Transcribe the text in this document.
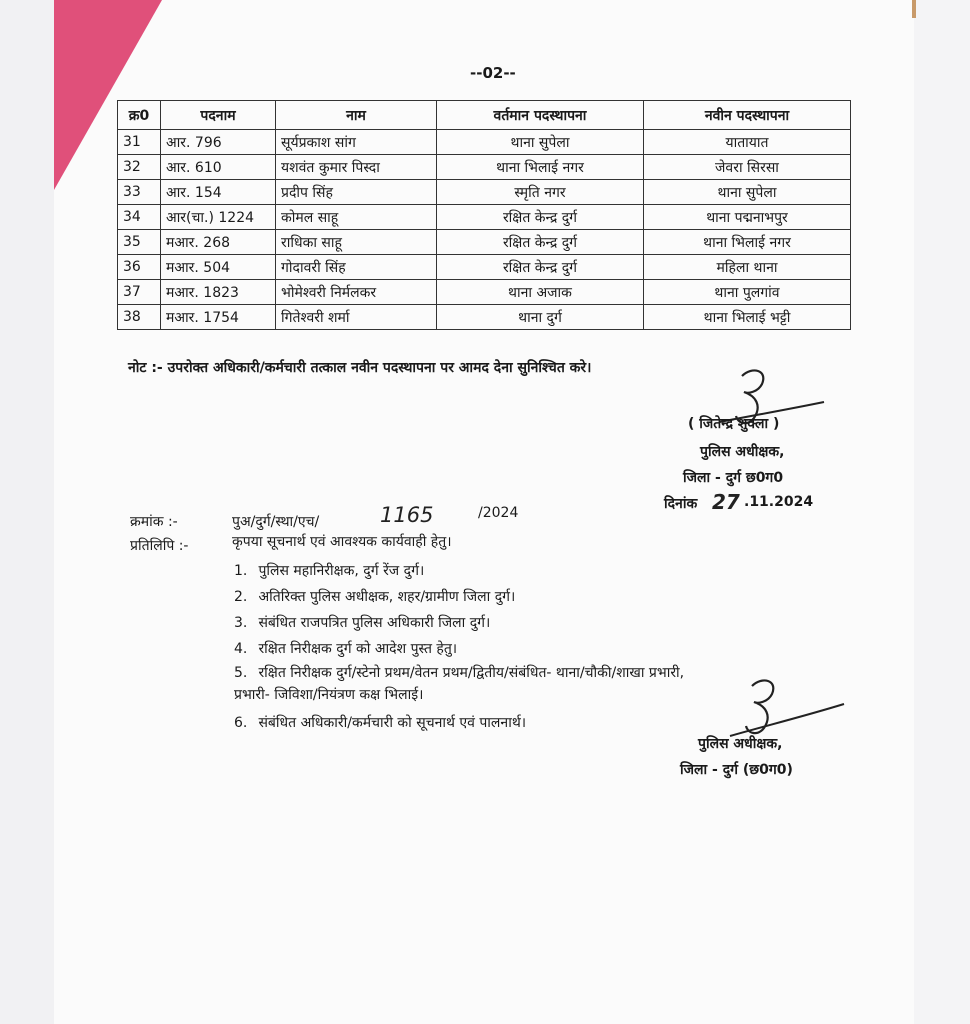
--02--
क्र0	पदनाम	नाम	वर्तमान पदस्थापना	नवीन पदस्थापना
31	आर. 796	सूर्यप्रकाश सांग	थाना सुपेला	यातायात
32	आर. 610	यशवंत कुमार पिस्दा	थाना भिलाई नगर	जेवरा सिरसा
33	आर. 154	प्रदीप सिंह	स्मृति नगर	थाना सुपेला
34	आर(चा.) 1224	कोमल साहू	रक्षित केन्द्र दुर्ग	थाना पद्मनाभपुर
35	मआर. 268	राधिका साहू	रक्षित केन्द्र दुर्ग	थाना भिलाई नगर
36	मआर. 504	गोदावरी सिंह	रक्षित केन्द्र दुर्ग	महिला थाना
37	मआर. 1823	भोमेश्वरी निर्मलकर	थाना अजाक	थाना पुलगांव
38	मआर. 1754	गितेश्वरी शर्मा	थाना दुर्ग	थाना भिलाई भट्टी
नोट :- उपरोक्त अधिकारी/कर्मचारी तत्काल नवीन पदस्थापना पर आमद देना सुनिश्चित करे।
( जितेन्द्र शुक्ला )
पुलिस अधीक्षक,
जिला - दुर्ग छ0ग0
दिनांक 27 .11.2024
क्रमांक :-	पुअ/दुर्ग/स्था/एच/	1165	/2024
प्रतिलिपि :-	कृपया सूचनार्थ एवं आवश्यक कार्यवाही हेतु।
1. पुलिस महानिरीक्षक, दुर्ग रेंज दुर्ग।
2. अतिरिक्त पुलिस अधीक्षक, शहर/ग्रामीण जिला दुर्ग।
3. संबंधित राजपत्रित पुलिस अधिकारी जिला दुर्ग।
4. रक्षित निरीक्षक दुर्ग को आदेश पुस्त हेतु।
5. रक्षित निरीक्षक दुर्ग/स्टेनो प्रथम/वेतन प्रथम/द्वितीय/संबंधित- थाना/चौकी/शाखा प्रभारी,
प्रभारी- जिविशा/नियंत्रण कक्ष भिलाई।
6. संबंधित अधिकारी/कर्मचारी को सूचनार्थ एवं पालनार्थ।
पुलिस अधीक्षक,
जिला - दुर्ग (छ0ग0)
